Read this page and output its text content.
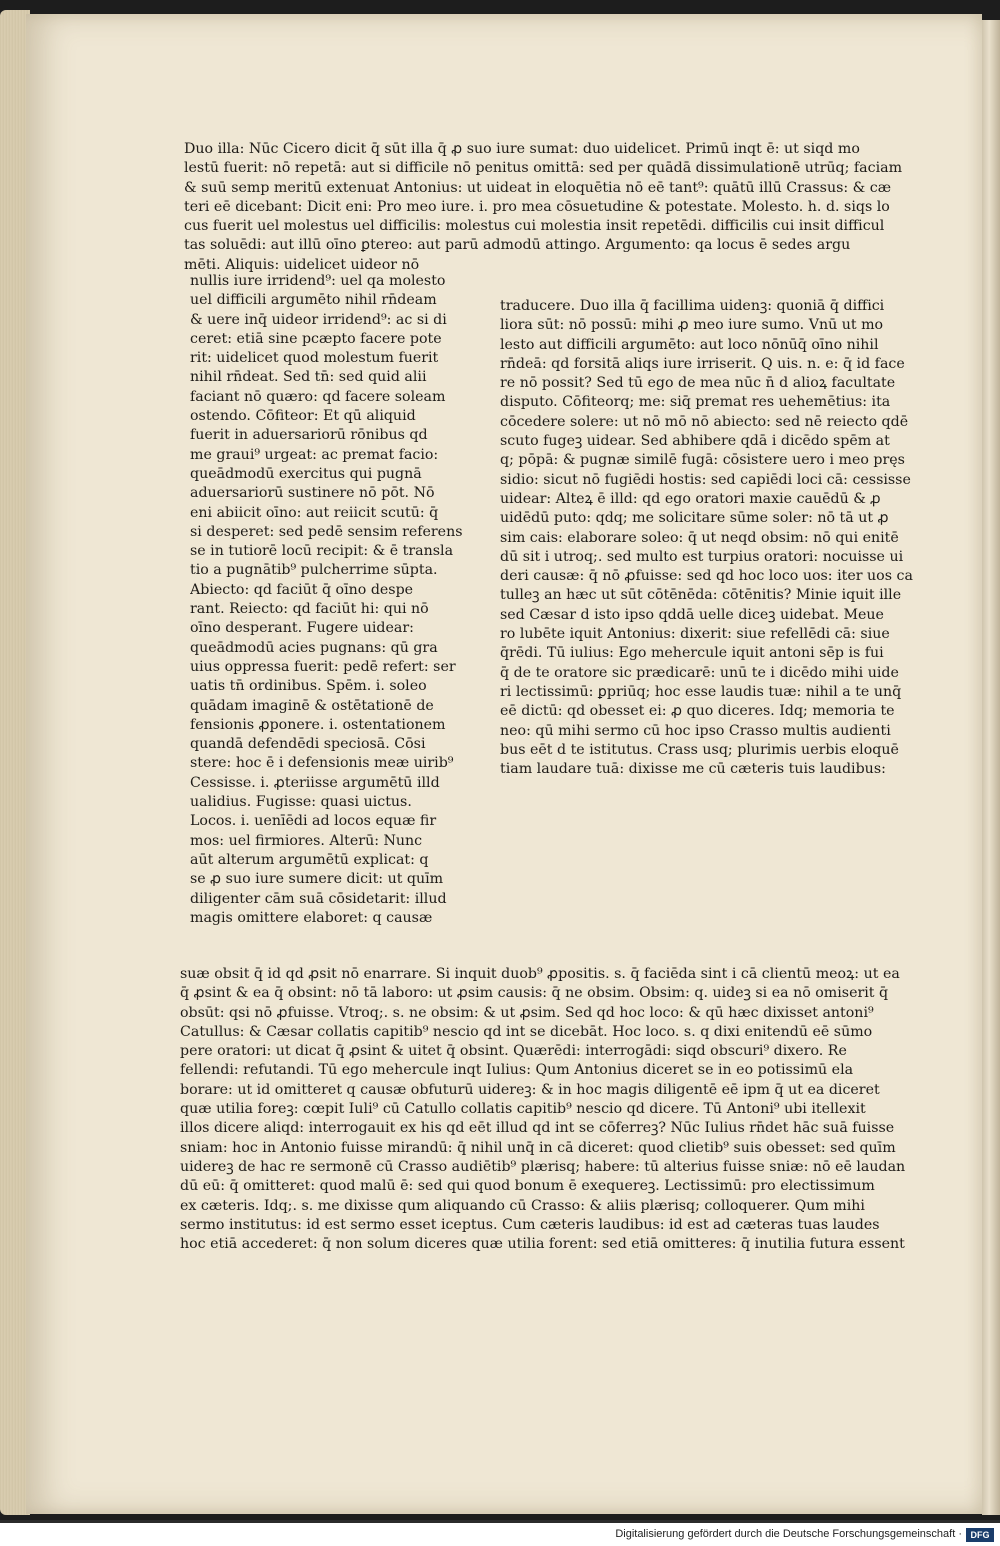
Duo illa: Nūc Cicero dicit q̄ sūt illa q̄ ꝓ suo iure sumat: duo uidelicet. Primū inqt ē: ut siqd mo
lestū fuerit: nō repetā: aut si difficile nō penitus omittā: sed per quādā dissimulationē utrūq; faciam
& suū semp meritū extenuat Antonius: ut uideat in eloquētia nō eē tant⁹: quātū illū Crassus: & cæ
teri eē dicebant: Dicit eni: Pro meo iure. i. pro mea cōsuetudine & potestate. Molesto. h. d. siqs lo
cus fuerit uel molestus uel difficilis: molestus cui molestia insit repetēdi. difficilis cui insit difficul
tas soluēdi: aut illū oīno ꝑtereo: aut parū admodū attingo. Argumento: qa locus ē sedes argu
mēti. Aliquis: uidelicet uideor nō
nullis iure irridend⁹: uel qa molesto
uel difficili argumēto nihil rn̄deam
& uere inq̄ uideor irridend⁹: ac si di
ceret: etiā sine pcæpto facere pote
rit: uidelicet quod molestum fuerit
nihil rn̄deat. Sed tn̄: sed quid alii
faciant nō quæro: qd facere soleam
ostendo. Cōfiteor: Et qū aliquid
fuerit in aduersariorū rōnibus qd
me graui⁹ urgeat: ac premat facio:
queādmodū exercitus qui pugnā
aduersariorū sustinere nō pōt. Nō
eni abiicit oīno: aut reiicit scutū: q̄
si desperet: sed pedē sensim referens
se in tutiorē locū recipit: & ē transla
tio a pugnātib⁹ pulcherrime sūpta.
Abiecto: qd faciūt q̄ oīno despe
rant. Reiecto: qd faciūt hi: qui nō
oīno desperant. Fugere uidear:
queādmodū acies pugnans: qū gra
uius oppressa fuerit: pedē refert: ser
uatis tn̄ ordinibus. Spēm. i. soleo
quādam imaginē & ostētationē de
fensionis ꝓponere. i. ostentationem
quandā defendēdi speciosā. Cōsi
stere: hoc ē i defensionis meæ uirib⁹
Cessisse. i. ꝓteriisse argumētū illd
ualidius. Fugisse: quasi uictus.
Locos. i. uenīēdi ad locos equæ fir
mos: uel firmiores. Alterū: Nunc
aūt alterum argumētū explicat: q
se ꝓ suo iure sumere dicit: ut quīm
diligenter cām suā cōsidetarit: illud
magis omittere elaboret: q causæ
traducere. Duo illa q̄ facillima uidenꝫ: quoniā q̄ diffici
liora sūt: nō possū: mihi ꝓ meo iure sumo. Vnū ut mo
lesto aut difficili argumēto: aut loco nōnūq̄ oīno nihil
rn̄deā: qd forsitā aliqs iure irriserit. Q uis. n. e: q̄ id face
re nō possit? Sed tū ego de mea nūc n̄ d alioꝝ facultate
disputo. Cōfiteorq; me: siq̄ premat res uehemētius: ita
cōcedere solere: ut nō mō nō abiecto: sed nē reiecto qdē
scuto fugeꝫ uidear. Sed abhibere qdā i dicēdo spēm at
q; pōpā: & pugnæ similē fugā: cōsistere uero i meo pręs
sidio: sicut nō fugiēdi hostis: sed capiēdi loci cā: cessisse
uidear: Alteꝝ ē illd: qd ego oratori maxie cauēdū & ꝓ
uidēdū puto: qdq; me solicitare sūme soler: nō tā ut ꝓ
sim cais: elaborare soleo: q̄ ut neqd obsim: nō qui enitē
dū sit i utroq;. sed multo est turpius oratori: nocuisse ui
deri causæ: q̄ nō ꝓfuisse: sed qd hoc loco uos: iter uos ca
tulleꝫ an hæc ut sūt cōtēnēda: cōtēnitis? Minie iquit ille
sed Cæsar d isto ipso qddā uelle diceꝫ uidebat. Meue
ro lubēte iquit Antonius: dixerit: siue refellēdi cā: siue
q̄rēdi. Tū iulius: Ego mehercule iquit antoni sēp is fui
q̄ de te oratore sic prædicarē: unū te i dicēdo mihi uide
ri lectissimū: ꝑpriūq; hoc esse laudis tuæ: nihil a te unq̄
eē dictū: qd obesset ei: ꝓ quo diceres. Idq; memoria te
neo: qū mihi sermo cū hoc ipso Crasso multis audienti
bus eēt d te istitutus. Crass usq; plurimis uerbis eloquē
tiam laudare tuā: dixisse me cū cæteris tuis laudibus:
suæ obsit q̄ id qd ꝓsit nō enarrare. Si inquit duob⁹ ꝓpositis. s. q̄ faciēda sint i cā clientū meoꝝ: ut ea
q̄ ꝓsint & ea q̄ obsint: nō tā laboro: ut ꝓsim causis: q̄ ne obsim. Obsim: q. uideꝫ si ea nō omiserit q̄
obsūt: qsi nō ꝓfuisse. Vtroq;. s. ne obsim: & ut ꝓsim. Sed qd hoc loco: & qū hæc dixisset antoni⁹
Catullus: & Cæsar collatis capitib⁹ nescio qd int se dicebāt. Hoc loco. s. q dixi enitendū eē sūmo
pere oratori: ut dicat q̄ ꝓsint & uitet q̄ obsint. Quærēdi: interrogādi: siqd obscuri⁹ dixero. Re
fellendi: refutandi. Tū ego mehercule inqt Iulius: Qum Antonius diceret se in eo potissimū ela
borare: ut id omitteret q causæ obfuturū uidereꝫ: & in hoc magis diligentē eē ipm q̄ ut ea diceret
quæ utilia foreꝫ: cœpit Iuli⁹ cū Catullo collatis capitib⁹ nescio qd dicere. Tū Antoni⁹ ubi itellexit
illos dicere aliqd: interrogauit ex his qd eēt illud qd int se cōferreꝫ? Nūc Iulius rn̄det hāc suā fuisse
sniam: hoc in Antonio fuisse mirandū: q̄ nihil unq̄ in cā diceret: quod clietib⁹ suis obesset: sed quīm
uidereꝫ de hac re sermonē cū Crasso audiētib⁹ plærisq; habere: tū alterius fuisse sniæ: nō eē laudan
dū eū: q̄ omitteret: quod malū ē: sed qui quod bonum ē exequereꝫ. Lectissimū: pro electissimum
ex cæteris. Idq;. s. me dixisse qum aliquando cū Crasso: & aliis plærisq; colloquerer. Qum mihi
sermo institutus: id est sermo esset iceptus. Cum cæteris laudibus: id est ad cæteras tuas laudes
hoc etiā accederet: q̄ non solum diceres quæ utilia forent: sed etiā omitteres: q̄ inutilia futura essent
Digitalisierung gefördert durch die Deutsche Forschungsgemeinschaft · DFG
